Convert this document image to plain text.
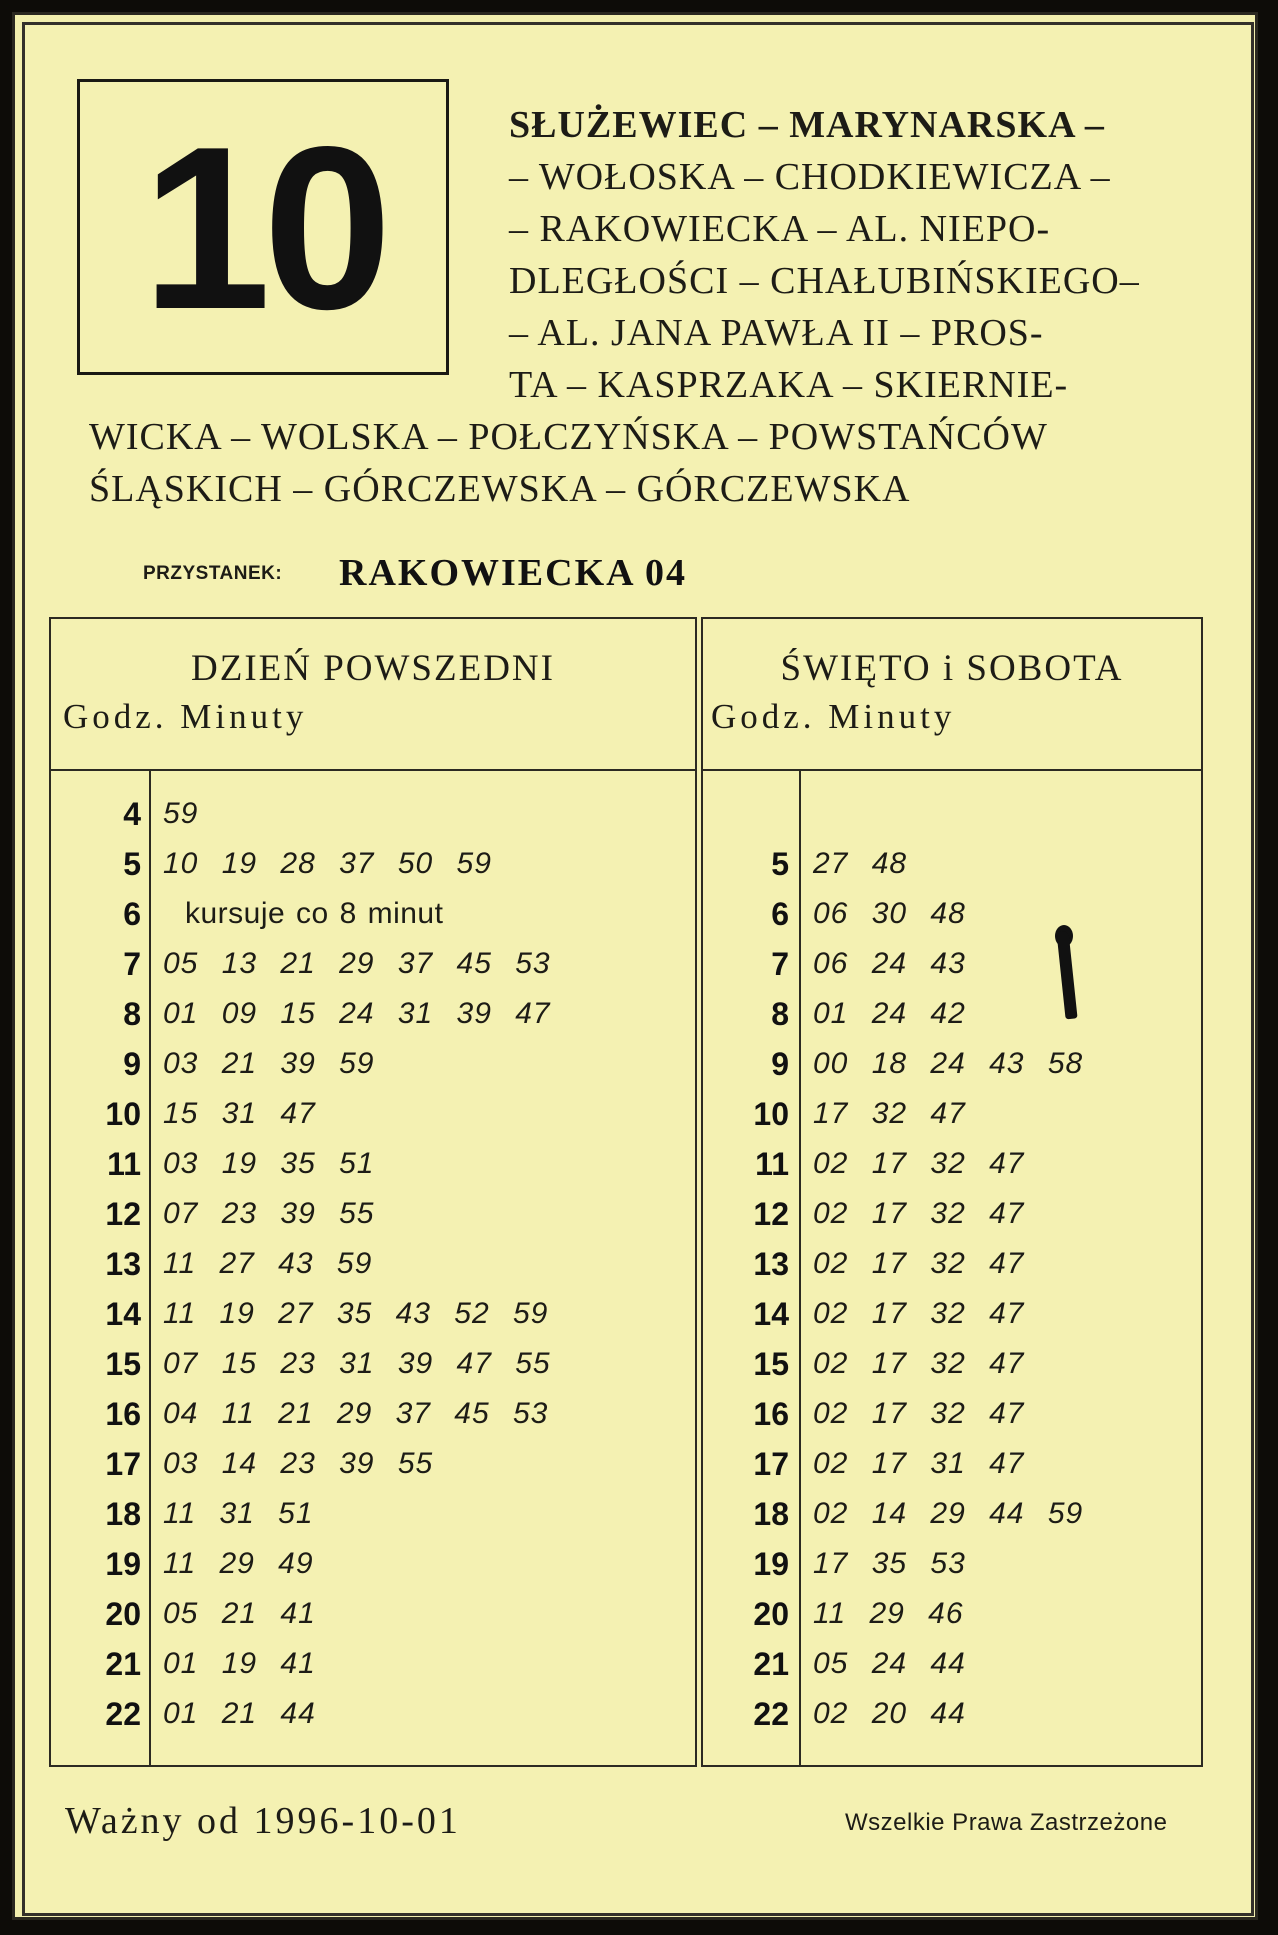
10	SŁUŻEWIEC – MARYNARSKA –
– WOŁOSKA – CHODKIEWICZA –
– RAKOWIECKA – AL. NIEPO-
DLEGŁOŚCI – CHAŁUBIŃSKIEGO–
– AL. JANA PAWŁA II – PROS-
TA – KASPRZAKA – SKIERNIE-
WICKA – WOLSKA – POŁCZYŃSKA – POWSTAŃCÓW
ŚLĄSKICH – GÓRCZEWSKA – GÓRCZEWSKA
PRZYSTANEK: RAKOWIECKA 04
DZIEŃ POWSZEDNI
Godz. Minuty
4 59
5 10 19 28 37 50 59
6 kursuje co 8 minut
7 05 13 21 29 37 45 53
8 01 09 15 24 31 39 47
9 03 21 39 59
10 15 31 47
11 03 19 35 51
12 07 23 39 55
13 11 27 43 59
14 11 19 27 35 43 52 59
15 07 15 23 31 39 47 55
16 04 11 21 29 37 45 53
17 03 14 23 39 55
18 11 31 51
19 11 29 49
20 05 21 41
21 01 19 41
22 01 21 44
ŚWIĘTO i SOBOTA
Godz. Minuty
5 27 48
6 06 30 48
7 06 24 43
8 01 24 42
9 00 18 24 43 58
10 17 32 47
11 02 17 32 47
12 02 17 32 47
13 02 17 32 47
14 02 17 32 47
15 02 17 32 47
16 02 17 32 47
17 02 17 31 47
18 02 14 29 44 59
19 17 35 53
20 11 29 46
21 05 24 44
22 02 20 44
Ważny od 1996-10-01	Wszelkie Prawa Zastrzeżone
